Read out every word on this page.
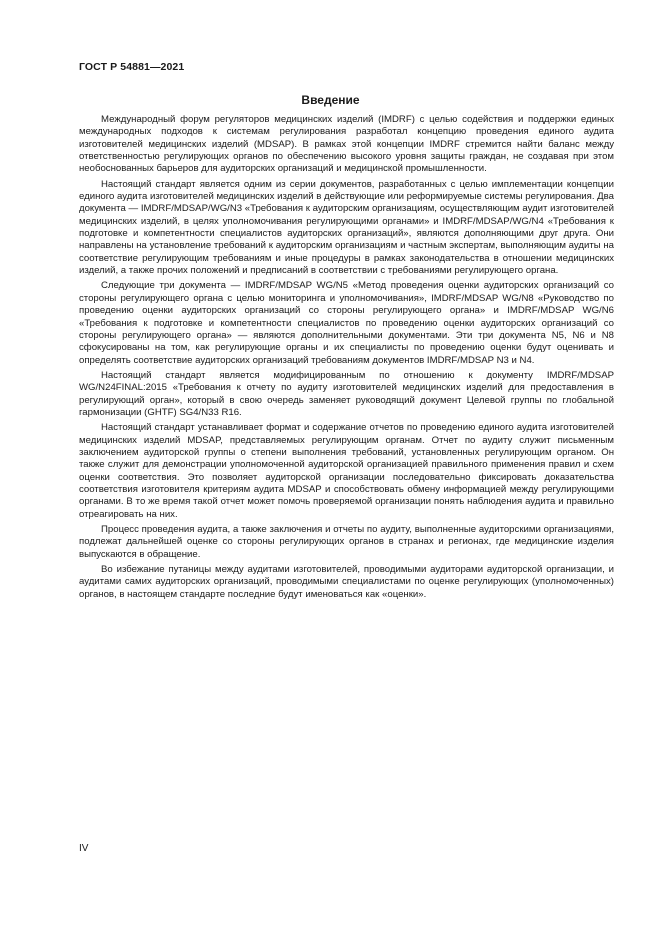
ГОСТ Р 54881—2021
Введение

Международный форум регуляторов медицинских изделий (IMDRF) с целью содействия и поддержки единых международных подходов к системам регулирования разработал концепцию проведения единого аудита изготовителей медицинских изделий (MDSAP). В рамках этой концепции IMDRF стремится найти баланс между ответственностью регулирующих органов по обеспечению высокого уровня защиты граждан, не создавая при этом необоснованных барьеров для аудиторских организаций и медицинской промышленности.

Настоящий стандарт является одним из серии документов, разработанных с целью имплементации концепции единого аудита изготовителей медицинских изделий в действующие или реформируемые системы регулирования. Два документа — IMDRF/MDSAP/WG/N3 «Требования к аудиторским организациям, осуществляющим аудит изготовителей медицинских изделий, в целях уполномочивания регулирующими органами» и IMDRF/MDSAP/WG/N4 «Требования к подготовке и компетентности специалистов аудиторских организаций», являются дополняющими друг друга. Они направлены на установление требований к аудиторским организациям и частным экспертам, выполняющим аудиты на соответствие регулирующим требованиям и иные процедуры в рамках законодательства в отношении медицинских изделий, а также прочих положений и предписаний в соответствии с требованиями регулирующего органа.

Следующие три документа — IMDRF/MDSAP WG/N5 «Метод проведения оценки аудиторских организаций со стороны регулирующего органа с целью мониторинга и уполномочивания», IMDRF/MDSAP WG/N8 «Руководство по проведению оценки аудиторских организаций со стороны регулирующего органа» и IMDRF/MDSAP WG/N6 «Требования к подготовке и компетентности специалистов по проведению оценки аудиторских организаций со стороны регулирующего органа» — являются дополнительными документами. Эти три документа N5, N6 и N8 сфокусированы на том, как регулирующие органы и их специалисты по проведению оценки будут оценивать и определять соответствие аудиторских организаций требованиям документов IMDRF/MDSAP N3 и N4.

Настоящий стандарт является модифицированным по отношению к документу IMDRF/MDSAP WG/N24FINAL:2015 «Требования к отчету по аудиту изготовителей медицинских изделий для предоставления в регулирующий орган», который в свою очередь заменяет руководящий документ Целевой группы по глобальной гармонизации (GHTF) SG4/N33 R16.

Настоящий стандарт устанавливает формат и содержание отчетов по проведению единого аудита изготовителей медицинских изделий MDSAP, представляемых регулирующим органам. Отчет по аудиту служит письменным заключением аудиторской группы о степени выполнения требований, установленных регулирующим органом. Он также служит для демонстрации уполномоченной аудиторской организацией правильного применения правил и схем оценки соответствия. Это позволяет аудиторской организации последовательно фиксировать доказательства соответствия изготовителя критериям аудита MDSAP и способствовать обмену информацией между регулирующими органами. В то же время такой отчет может помочь проверяемой организации понять наблюдения аудита и правильно отреагировать на них.

Процесс проведения аудита, а также заключения и отчеты по аудиту, выполненные аудиторскими организациями, подлежат дальнейшей оценке со стороны регулирующих органов в странах и регионах, где медицинские изделия выпускаются в обращение.

Во избежание путаницы между аудитами изготовителей, проводимыми аудиторами аудиторской организации, и аудитами самих аудиторских организаций, проводимыми специалистами по оценке регулирующих (уполномоченных) органов, в настоящем стандарте последние будут именоваться как «оценки».

IV
